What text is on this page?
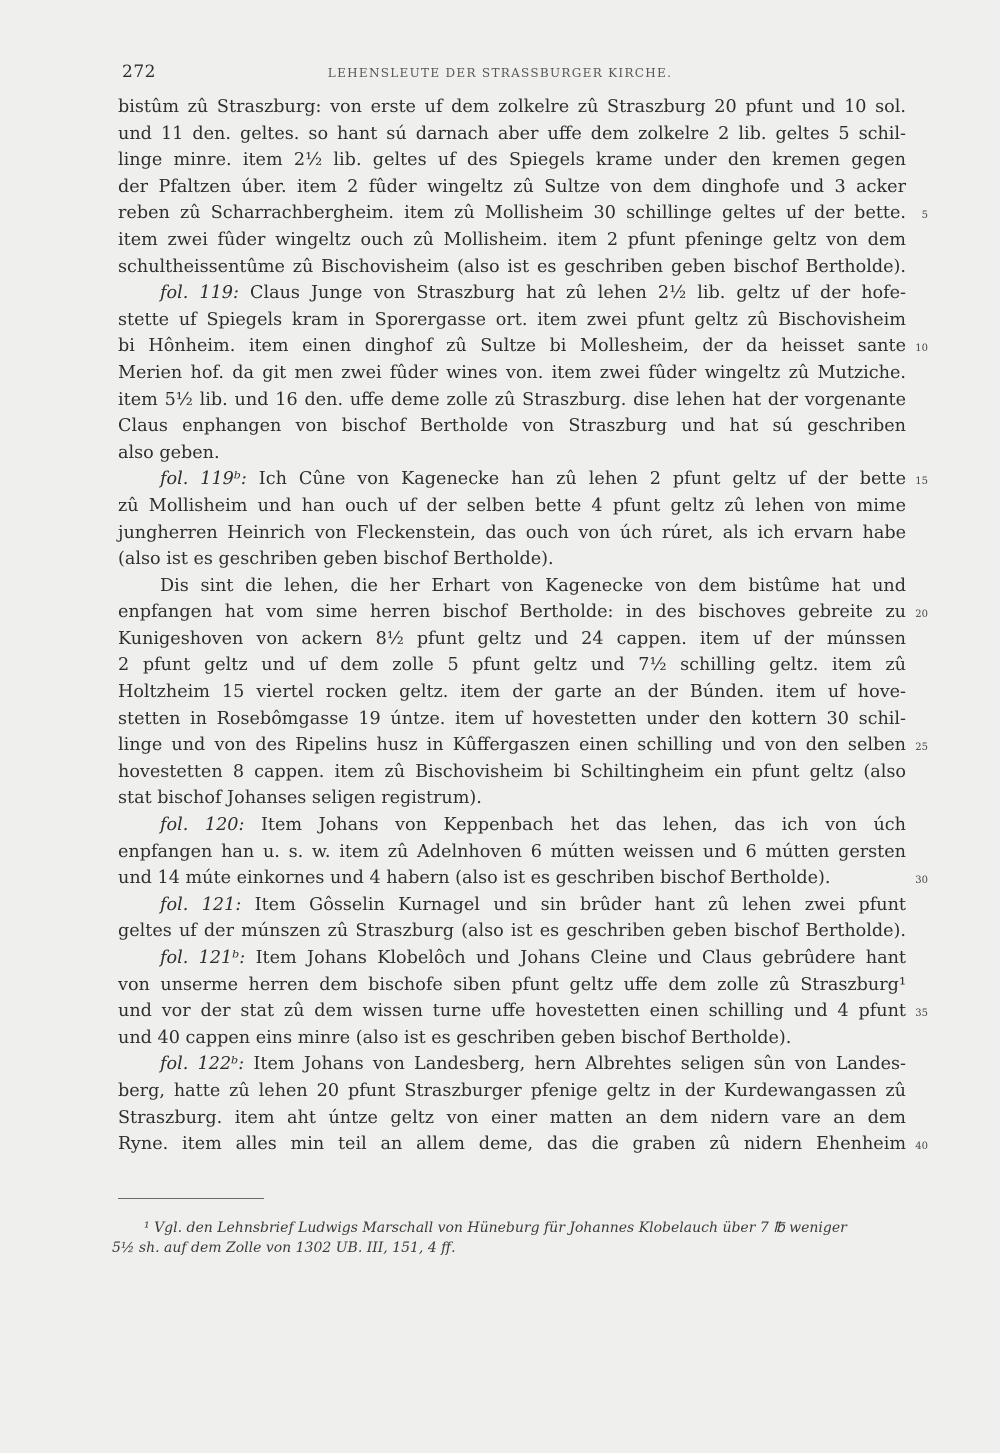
272	LEHENSLEUTE DER STRASSBURGER KIRCHE.
bistûm zû Straszburg: von erste uf dem zolkelre zû Straszburg 20 pfunt und 10 sol.
und 11 den. geltes. so hant sú darnach aber uffe dem zolkelre 2 lib. geltes 5 schil-
linge minre. item 2½ lib. geltes uf des Spiegels krame under den kremen gegen
der Pfaltzen úber. item 2 fûder wingeltz zû Sultze von dem dinghofe und 3 acker
reben zû Scharrachbergheim. item zû Mollisheim 30 schillinge geltes uf der bette. 5
item zwei fûder wingeltz ouch zû Mollisheim. item 2 pfunt pfeninge geltz von dem
schultheissentûme zû Bischovisheim (also ist es geschriben geben bischof Bertholde).
fol. 119: Claus Junge von Straszburg hat zû lehen 2½ lib. geltz uf der hofe-
stette uf Spiegels kram in Sporergasse ort. item zwei pfunt geltz zû Bischovisheim
bi Hônheim. item einen dinghof zû Sultze bi Mollesheim, der da heisset sante 10
Merien hof. da git men zwei fûder wines von. item zwei fûder wingeltz zû Mutziche.
item 5½ lib. und 16 den. uffe deme zolle zû Straszburg. dise lehen hat der vorgenante
Claus enphangen von bischof Bertholde von Straszburg und hat sú geschriben
also geben.
fol. 119ᵇ: Ich Cûne von Kagenecke han zû lehen 2 pfunt geltz uf der bette 15
zû Mollisheim und han ouch uf der selben bette 4 pfunt geltz zû lehen von mime
jungherren Heinrich von Fleckenstein, das ouch von úch rúret, als ich ervarn habe
(also ist es geschriben geben bischof Bertholde).
Dis sint die lehen, die her Erhart von Kagenecke von dem bistûme hat und
enpfangen hat vom sime herren bischof Bertholde: in des bischoves gebreite zu 20
Kunigeshoven von ackern 8½ pfunt geltz und 24 cappen. item uf der múnssen
2 pfunt geltz und uf dem zolle 5 pfunt geltz und 7½ schilling geltz. item zû
Holtzheim 15 viertel rocken geltz. item der garte an der Búnden. item uf hove-
stetten in Rosebômgasse 19 úntze. item uf hovestetten under den kottern 30 schil-
linge und von des Ripelins husz in Kûffergaszen einen schilling und von den selben 25
hovestetten 8 cappen. item zû Bischovisheim bi Schiltingheim ein pfunt geltz (also
stat bischof Johanses seligen registrum).
fol. 120: Item Johans von Keppenbach het das lehen, das ich von úch
enpfangen han u. s. w. item zû Adelnhoven 6 mútten weissen und 6 mútten gersten
und 14 múte einkornes und 4 habern (also ist es geschriben bischof Bertholde).	30
fol. 121: Item Gôsselin Kurnagel und sin brûder hant zû lehen zwei pfunt
geltes uf der múnszen zû Straszburg (also ist es geschriben geben bischof Bertholde).
fol. 121ᵇ: Item Johans Klobelôch und Johans Cleine und Claus gebrûdere hant
von unserme herren dem bischofe siben pfunt geltz uffe dem zolle zû Straszburg¹
und vor der stat zû dem wissen turne uffe hovestetten einen schilling und 4 pfunt 35
und 40 cappen eins minre (also ist es geschriben geben bischof Bertholde).
fol. 122ᵇ: Item Johans von Landesberg, hern Albrehtes seligen sûn von Landes-
berg, hatte zû lehen 20 pfunt Straszburger pfenige geltz in der Kurdewangassen zû
Straszburg. item aht úntze geltz von einer matten an dem nidern vare an dem
Ryne. item alles min teil an allem deme, das die graben zû nidern Ehenheim 40
¹ Vgl. den Lehnsbrief Ludwigs Marschall von Hüneburg für Johannes Klobelauch über 7 ℔ weniger
5½ sh. auf dem Zolle von 1302 UB. III, 151, 4 ff.
